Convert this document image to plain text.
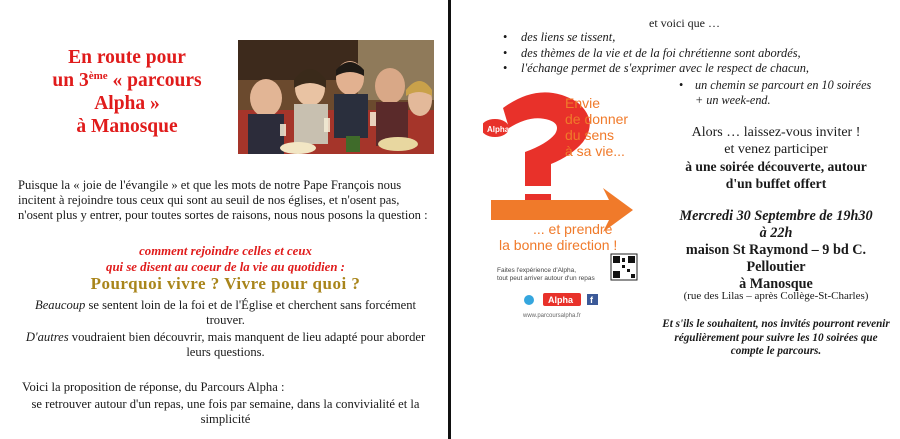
En route pour
un 3ème « parcours
Alpha »
à Manosque
Puisque la « joie de l'évangile » et que les mots de notre Pape François nous incitent à rejoindre tous ceux qui sont au seuil de nos églises, et n'osent pas, n'osent plus y entrer, pour toutes sortes de raisons, nous nous posons la question :
comment rejoindre celles et ceux
qui se disent au coeur de la vie au quotidien :
Pourquoi vivre ? Vivre pour quoi ?
Beaucoup se sentent loin de la foi et de l'Église et cherchent sans forcément trouver.
D'autres voudraient bien découvrir, mais manquent de lieu adapté pour aborder leurs questions.
Voici la proposition de réponse, du Parcours Alpha :
se retrouver autour d'un repas, une fois par semaine, dans la convivialité et la simplicité
et voici que …
• des liens se tissent,
• des thèmes de la vie et de la foi chrétienne sont abordés,
• l'échange permet de s'exprimer avec le respect de chacun,
• un chemin se parcourt en 10 soirées + un week-end.
Alpha
Envie
de donner
du sens
à sa vie...
... et prendre
la bonne direction !
Faites l'expérience d'Alpha,
tout peut arriver autour d'un repas
Alpha f
www.parcoursalpha.fr
Alors … laissez-vous inviter !
et venez participer
à une soirée découverte, autour
d'un buffet offert
Mercredi 30 Septembre de 19h30
à 22h
maison St Raymond – 9 bd C.
Pelloutier
à Manosque
(rue des Lilas – après Collège-St-Charles)
Et s'ils le souhaitent, nos invités pourront revenir régulièrement pour suivre les 10 soirées que compte le parcours.
